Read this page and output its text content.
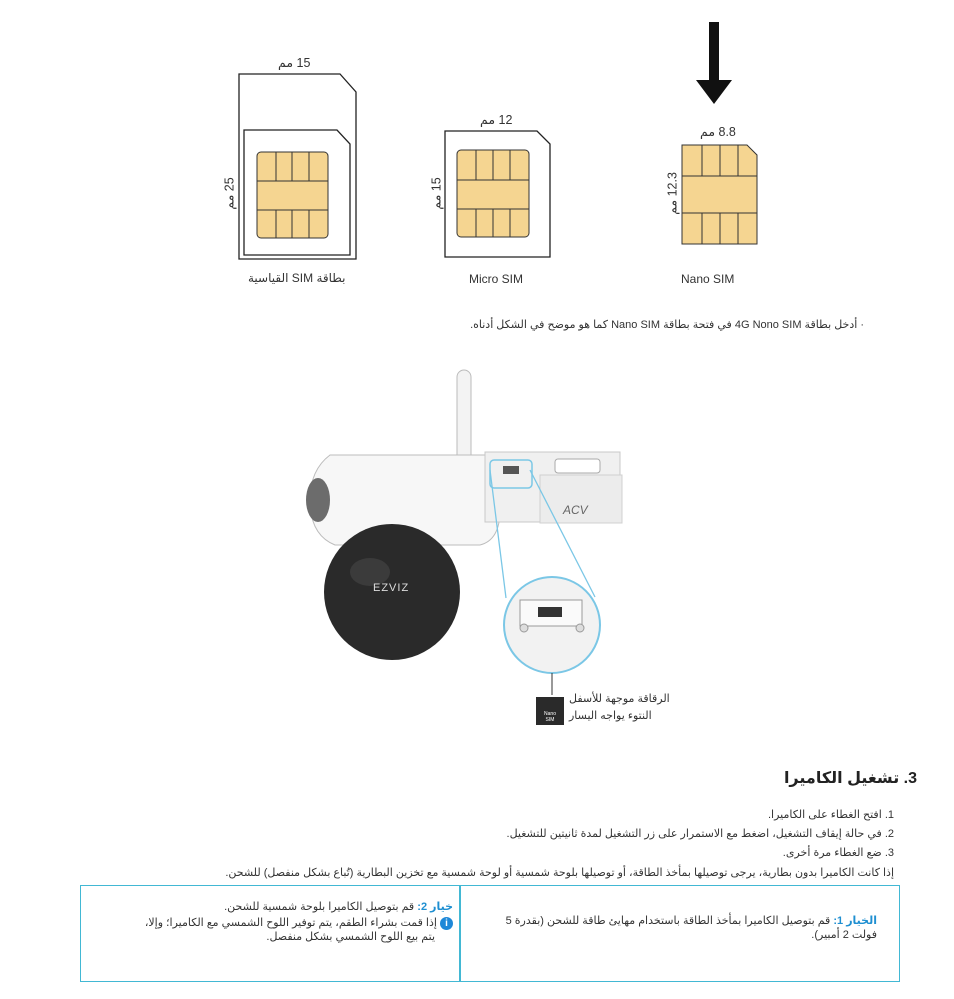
15 مم
25 مم
بطاقة SIM القياسية
12 مم
15 مم
Micro SIM
8.8 مم
12.3 مم
Nano SIM
· أدخل بطاقة 4G Nono SIM في فتحة بطاقة Nano SIM كما هو موضح في الشكل أدناه.
EZVIZ
ACV
Nano SIM
الرقاقة موجهة للأسفل
النتوء يواجه اليسار
3. تشغيل الكاميرا
1. افتح الغطاء على الكاميرا.
2. في حالة إيقاف التشغيل، اضغط مع الاستمرار على زر التشغيل لمدة ثانيتين للتشغيل.
3. ضع الغطاء مرة أخرى.
إذا كانت الكاميرا بدون بطارية، يرجى توصيلها بمأخذ الطاقة، أو توصيلها بلوحة شمسية أو لوحة شمسية مع تخزين البطارية (تُباع بشكل منفصل) للشحن.
الخيار 1: قم بتوصيل الكاميرا بمأخذ الطاقة باستخدام مهايئ طاقة للشحن (بقدرة 5
فولت 2 أمبير).
خيار 2: قم بتوصيل الكاميرا بلوحة شمسية للشحن.
i إذا قمت بشراء الطقم، يتم توفير اللوح الشمسي مع الكاميرا؛ وإلا،
يتم بيع اللوح الشمسي بشكل منفصل.
